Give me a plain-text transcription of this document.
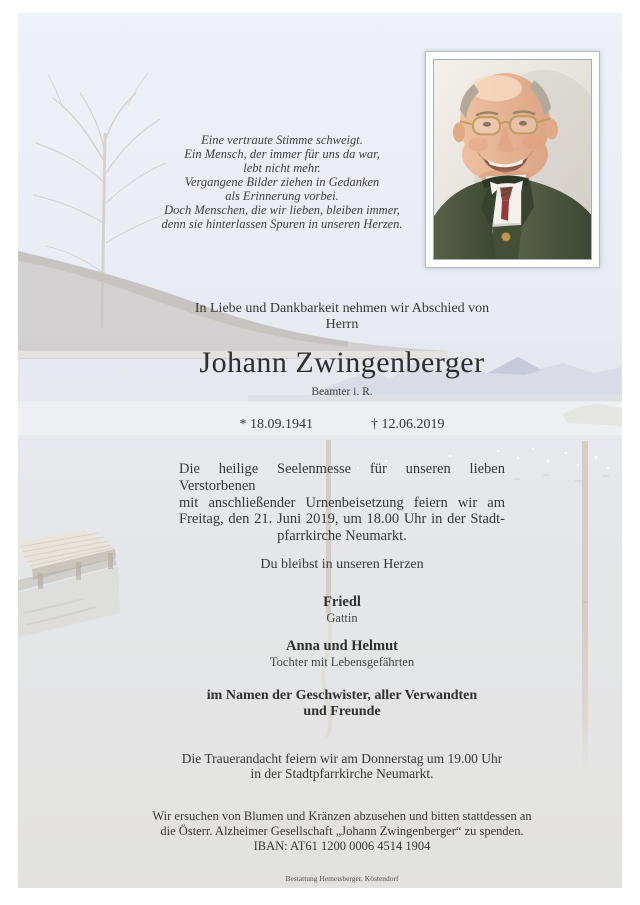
Eine vertraute Stimme schweigt.
Ein Mensch, der immer für uns da war,
lebt nicht mehr.
Vergangene Bilder ziehen in Gedanken
als Erinnerung vorbei.
Doch Menschen, die wir lieben, bleiben immer,
denn sie hinterlassen Spuren in unseren Herzen.
In Liebe und Dankbarkeit nehmen wir Abschied von
Herrn
Johann Zwingenberger
Beamter i. R.
* 18.09.1941	† 12.06.2019
Die heilige Seelenmesse für unseren lieben Verstorbenen
mit anschließender Urnenbeisetzung feiern wir am
Freitag, den 21. Juni 2019, um 18.00 Uhr in der Stadt-
pfarrkirche Neumarkt.
Du bleibst in unseren Herzen
Friedl
Gattin
Anna und Helmut
Tochter mit Lebensgefährten
im Namen der Geschwister, aller Verwandten
und Freunde
Die Trauerandacht feiern wir am Donnerstag um 19.00 Uhr
in der Stadtpfarrkirche Neumarkt.
Wir ersuchen von Blumen und Kränzen abzusehen und bitten stattdessen an
die Österr. Alzheimer Gesellschaft „Johann Zwingenberger“ zu spenden.
IBAN: AT61 1200 0006 4514 1904
Bestattung Hemetsberger, Köstendorf
